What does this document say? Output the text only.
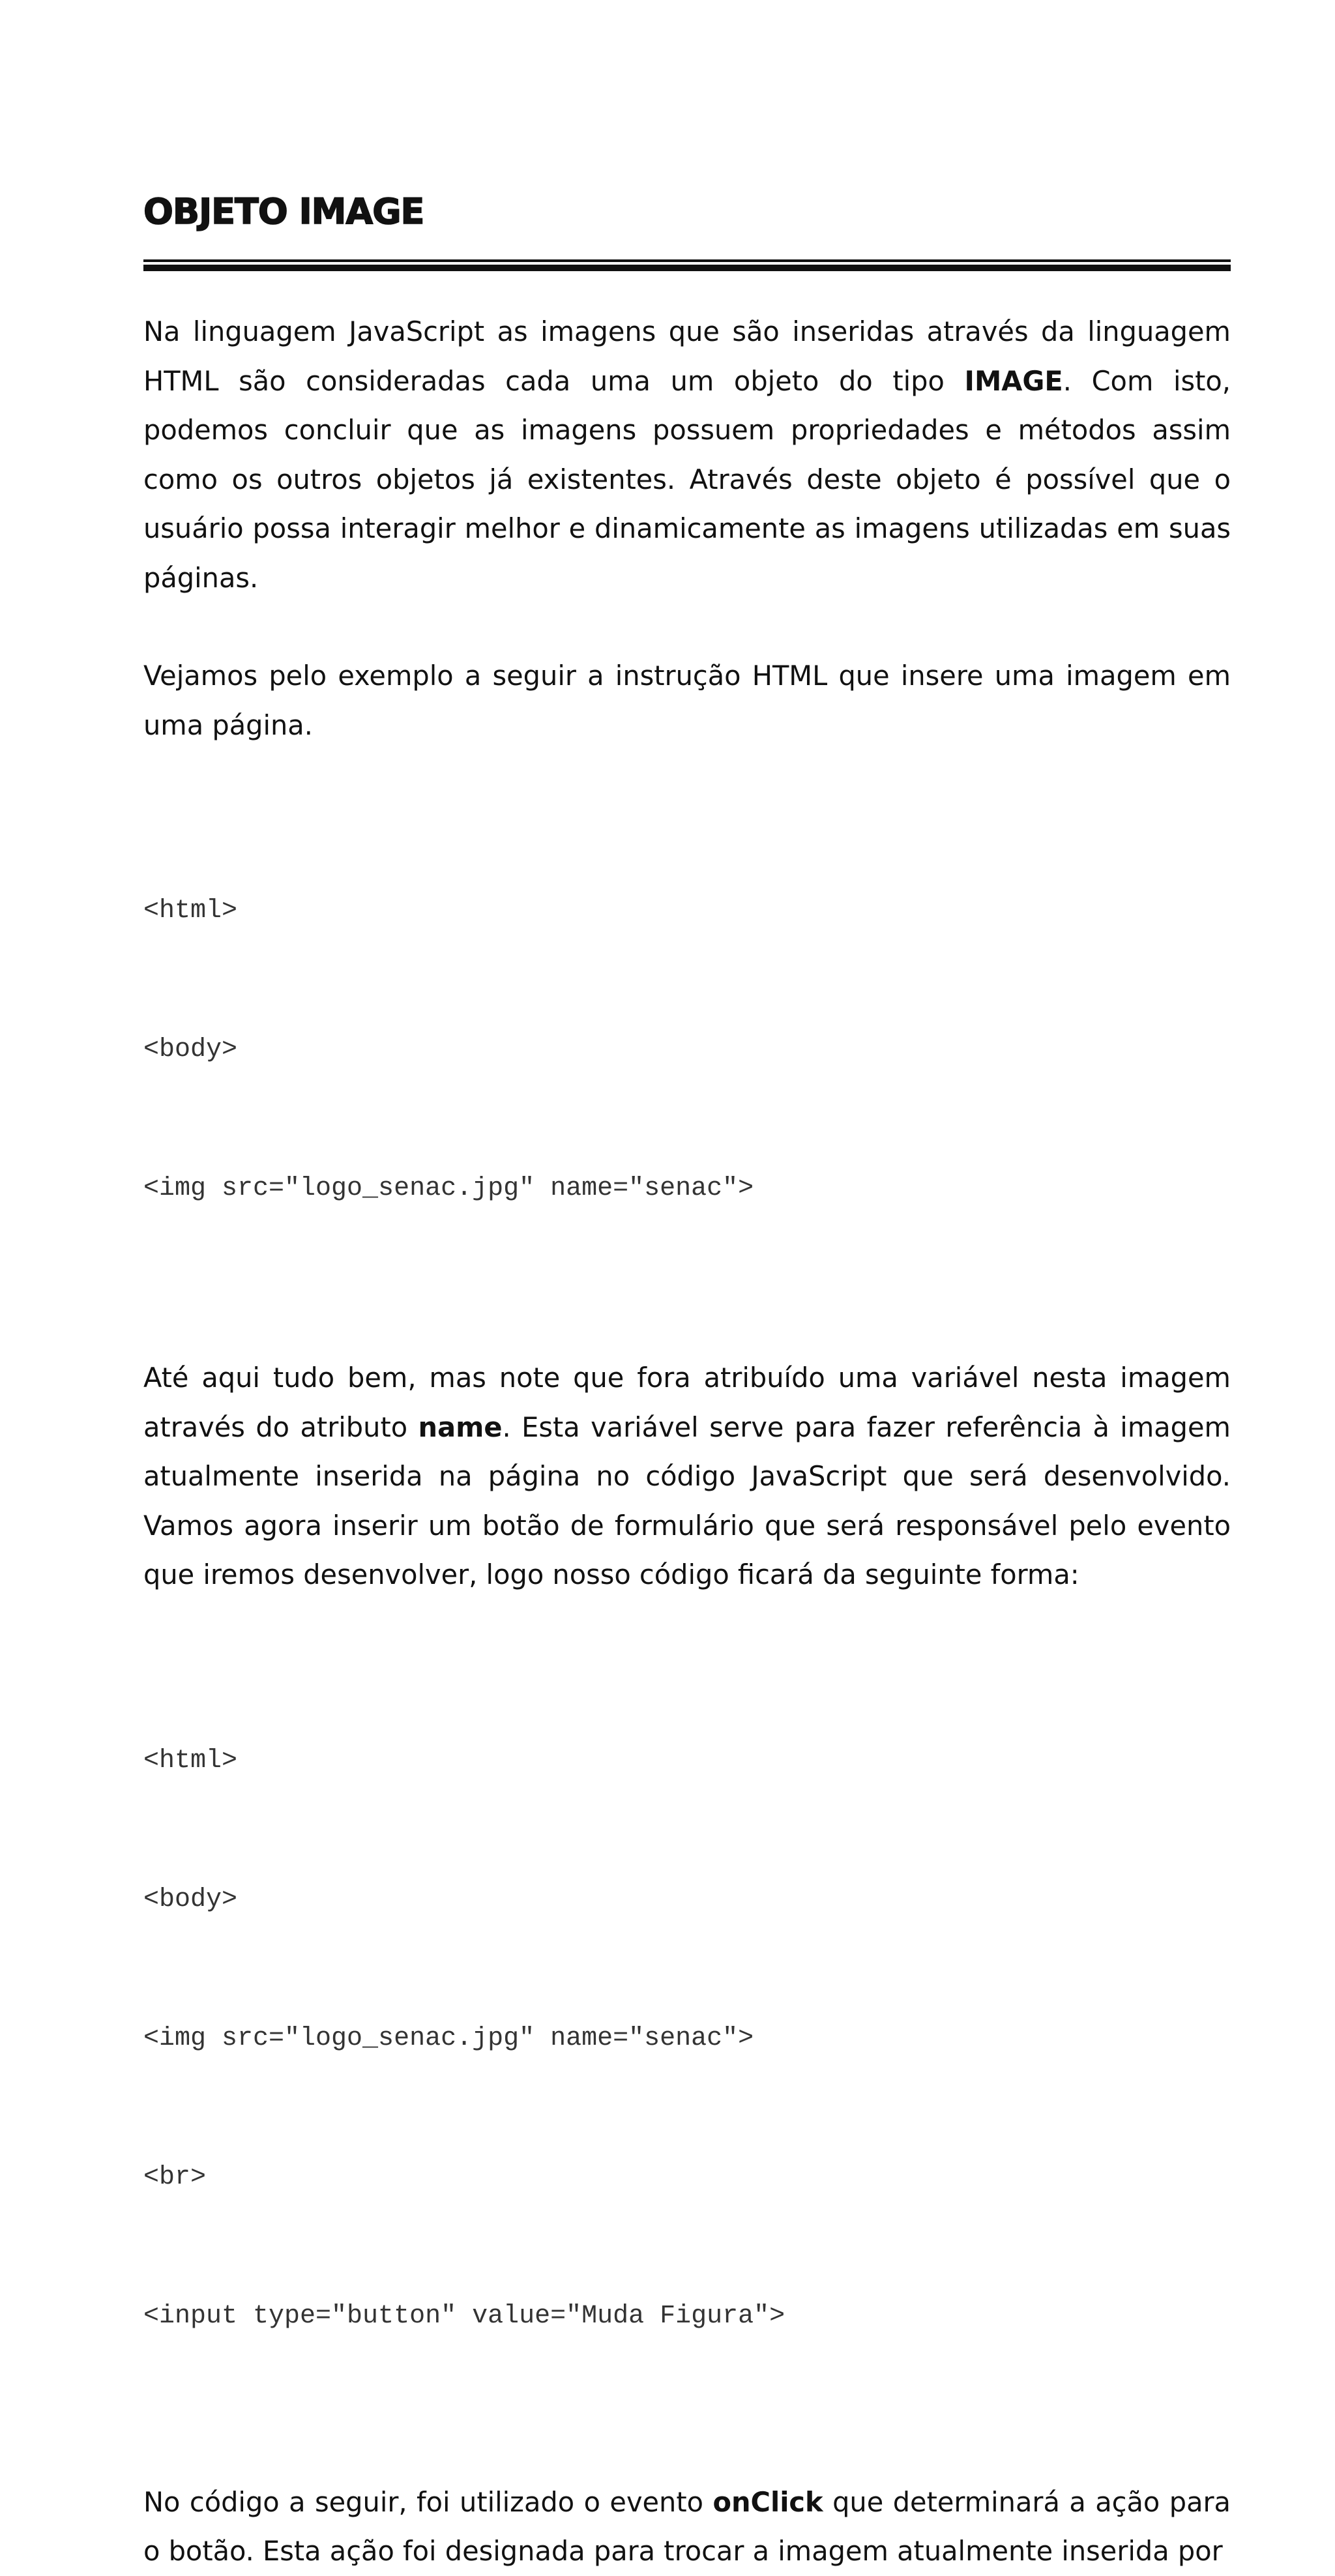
OBJETO IMAGE

Na linguagem JavaScript as imagens que são inseridas através da linguagem HTML são consideradas cada uma um objeto do tipo IMAGE. Com isto, podemos concluir que as imagens possuem propriedades e métodos assim como os outros objetos já existentes. Através deste objeto é possível que o usuário possa interagir melhor e dinamicamente as imagens utilizadas em suas páginas.

Vejamos pelo exemplo a seguir a instrução HTML que insere uma imagem em uma página.

<html>

<body>

<img src="logo_senac.jpg" name="senac">

Até aqui tudo bem, mas note que fora atribuído uma variável nesta imagem através do atributo name. Esta variável serve para fazer referência à imagem atualmente inserida na página no código JavaScript que será desenvolvido. Vamos agora inserir um botão de formulário que será responsável pelo evento que iremos desenvolver, logo nosso código ficará da seguinte forma:

<html>

<body>

<img src="logo_senac.jpg" name="senac">

<br>

<input type="button" value="Muda Figura">

No código a seguir, foi utilizado o evento onClick que determinará a ação para o botão. Esta ação foi designada para trocar a imagem atualmente inserida por
